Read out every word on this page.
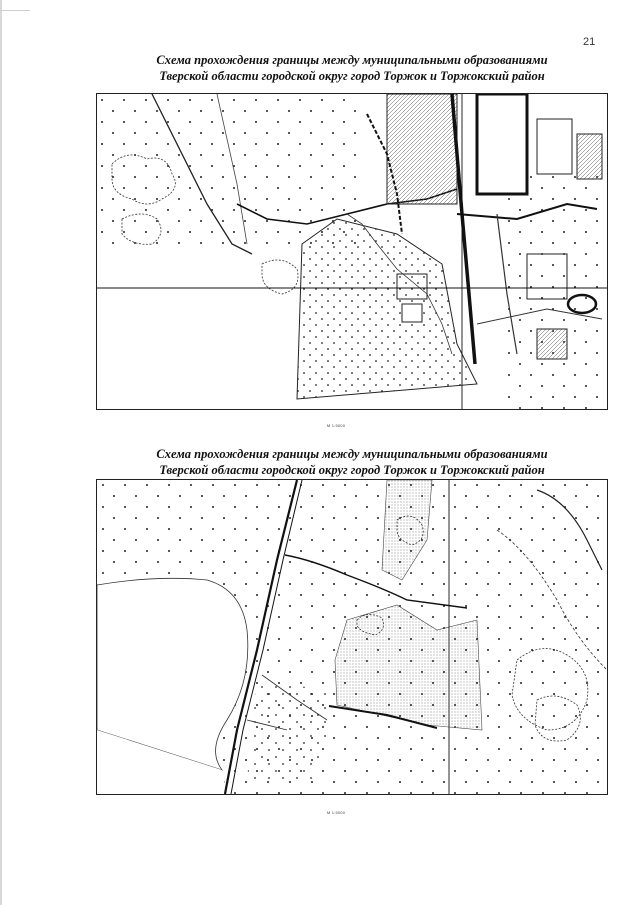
21
Схема прохождения границы между муниципальными образованиями
Тверской области городской округ город Торжок и Торжокский район
М 1:5000
Схема прохождения границы между муниципальными образованиями
Тверской области городской округ город Торжок и Торжокский район
М 1:5000
